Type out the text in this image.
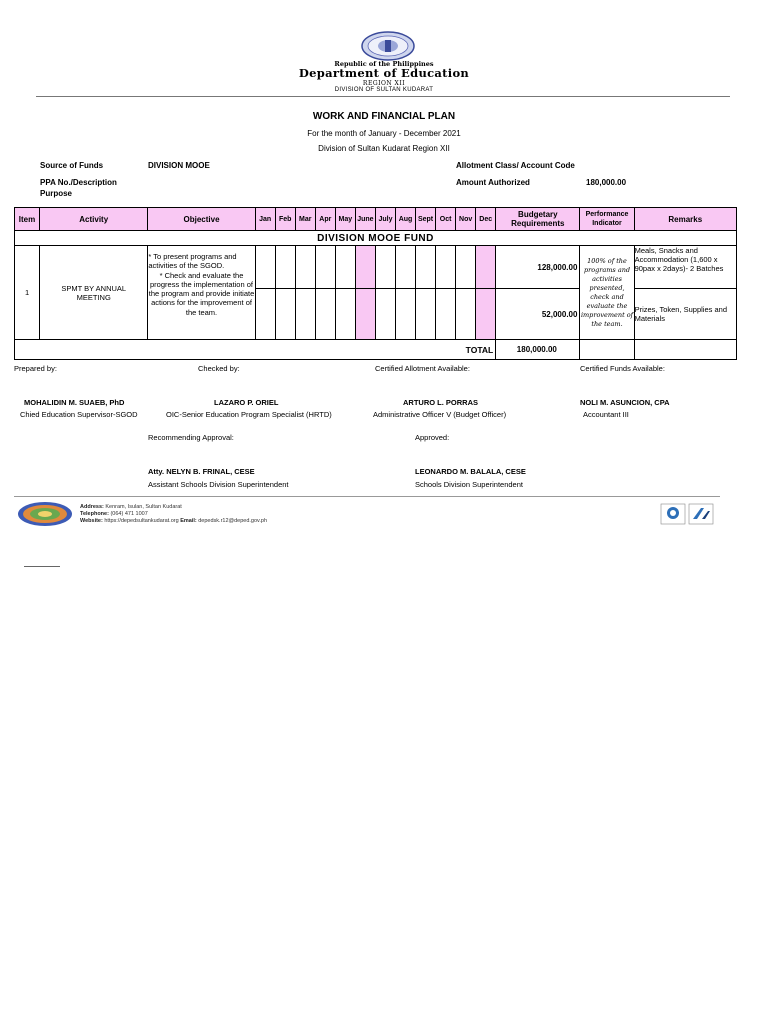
Republic of the Philippines
Department of Education
REGION XII
DIVISION OF SULTAN KUDARAT
WORK AND FINANCIAL PLAN
For the month of January - December 2021
Division of Sultan Kudarat Region XII
Source of Funds	DIVISION MOOE
PPA No./Description
Purpose
Allotment Class/ Account Code
Amount Authorized	180,000.00
Item	Activity	Objective	Jan	Feb	Mar	Apr	May	June	July	Aug	Sept	Oct	Nov	Dec	Budgetary Requirements	Performance Indicator	Remarks
DIVISION MOOE FUND																	
1	SPMT BY ANNUAL MEETING	* To present programs and activities of the SGOD.
* Check and evaluate the progress the implementation of the program and provide initiate actions for the improvement of the team.													128,000.00	100% of the programs and activities presented, check and evaluate the improvement of the team.	Meals, Snacks and Accommodation (1,600 x 90pax x 2days)- 2 Batches
															52,000.00		Prizes, Token, Supplies and Materials
TOTAL															180,000.00		
Prepared by:	Checked by:	Certified Allotment Available:	Certified Funds Available:
MOHALIDIN M. SUAEB, PhD
Chied Education Supervisor-SGOD
LAZARO P. ORIEL
OIC-Senior Education Program Specialist (HRTD)
ARTURO L. PORRAS
Administrative Officer V (Budget Officer)
NOLI M. ASUNCION, CPA
Accountant III
Recommending Approval:	Approved:
Atty. NELYN B. FRINAL, CESE
Assistant Schools Division Superintendent
LEONARDO M. BALALA, CESE
Schools Division Superintendent
Address: Kenram, Isulan, Sultan Kudarat
Telephone: (064) 471 1007
Website: https://depedsultankudarat.org Email: depedsk.r12@deped.gov.ph
